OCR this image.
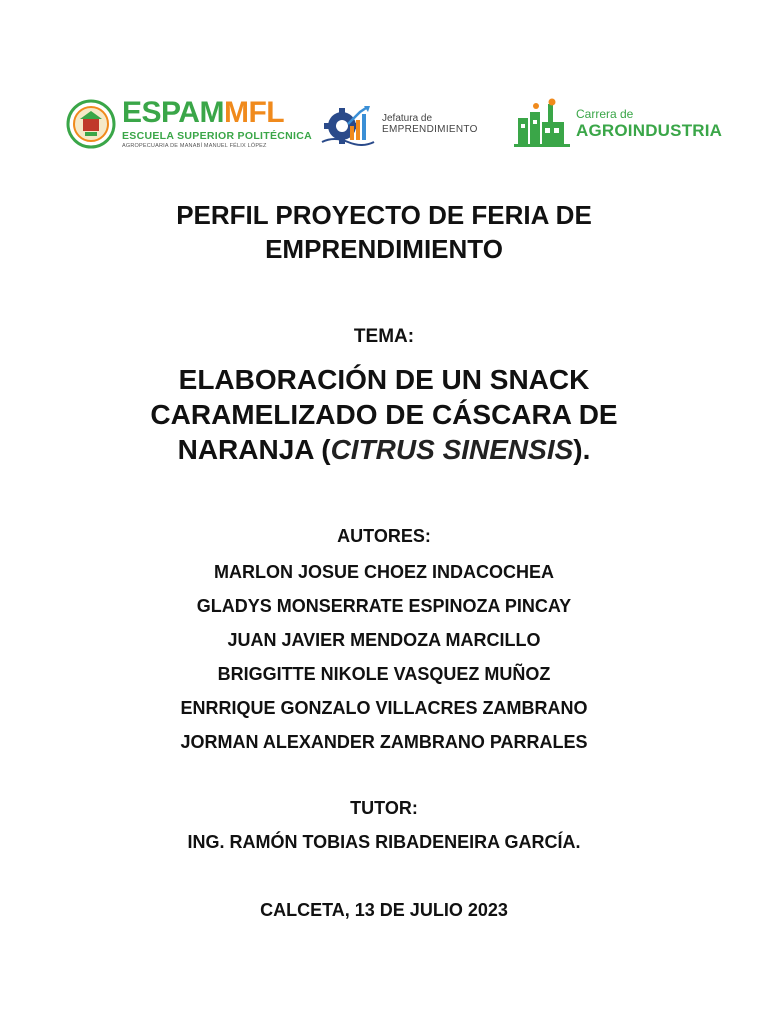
ESPAMMFL
ESCUELA SUPERIOR POLITÉCNICA
AGROPECUARIA DE MANABÍ MANUEL FÉLIX LÓPEZ
Jefatura de
EMPRENDIMIENTO
Carrera de
AGROINDUSTRIA
PERFIL PROYECTO DE FERIA DE
EMPRENDIMIENTO
TEMA:
ELABORACIÓN DE UN SNACK
CARAMELIZADO DE CÁSCARA DE
NARANJA (CITRUS SINENSIS).
AUTORES:
MARLON JOSUE CHOEZ INDACOCHEA
GLADYS MONSERRATE ESPINOZA PINCAY
JUAN JAVIER MENDOZA MARCILLO
BRIGGITTE NIKOLE VASQUEZ MUÑOZ
ENRRIQUE GONZALO VILLACRES ZAMBRANO
JORMAN ALEXANDER ZAMBRANO PARRALES
TUTOR:
ING. RAMÓN TOBIAS RIBADENEIRA GARCÍA.
CALCETA, 13 DE JULIO 2023
